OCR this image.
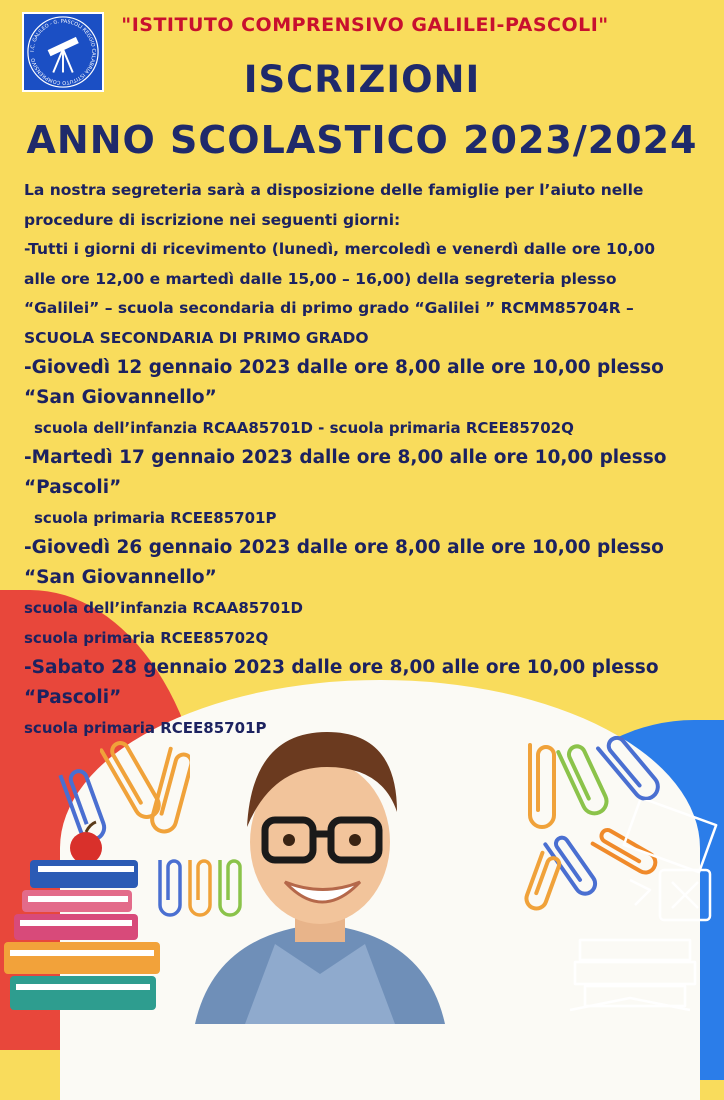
I.C. GALILEO - G. PASCOLI REGGIO CALABRIA ISTITUTO COMPRENSIVO
"ISTITUTO COMPRENSIVO GALILEI-PASCOLI"
ISCRIZIONI
ANNO SCOLASTICO 2023/2024
La nostra segreteria sarà a disposizione delle famiglie per l’aiuto nelle
procedure di iscrizione nei seguenti giorni:
-Tutti i giorni di ricevimento (lunedì, mercoledì e venerdì dalle ore 10,00
alle ore 12,00 e martedì dalle 15,00 – 16,00) della segreteria plesso
“Galilei” – scuola secondaria di primo grado “Galilei ” RCMM85704R –
SCUOLA SECONDARIA DI PRIMO GRADO
-Giovedì 12 gennaio 2023 dalle ore 8,00 alle ore 10,00 plesso
“San Giovannello”
scuola dell’infanzia RCAA85701D - scuola primaria RCEE85702Q
-Martedì 17 gennaio 2023 dalle ore 8,00 alle ore 10,00 plesso
“Pascoli”
scuola primaria RCEE85701P
-Giovedì 26 gennaio 2023 dalle ore 8,00 alle ore 10,00 plesso
“San Giovannello”
scuola dell’infanzia RCAA85701D
scuola primaria RCEE85702Q
-Sabato 28 gennaio 2023 dalle ore 8,00 alle ore 10,00 plesso
“Pascoli”
scuola primaria RCEE85701P
